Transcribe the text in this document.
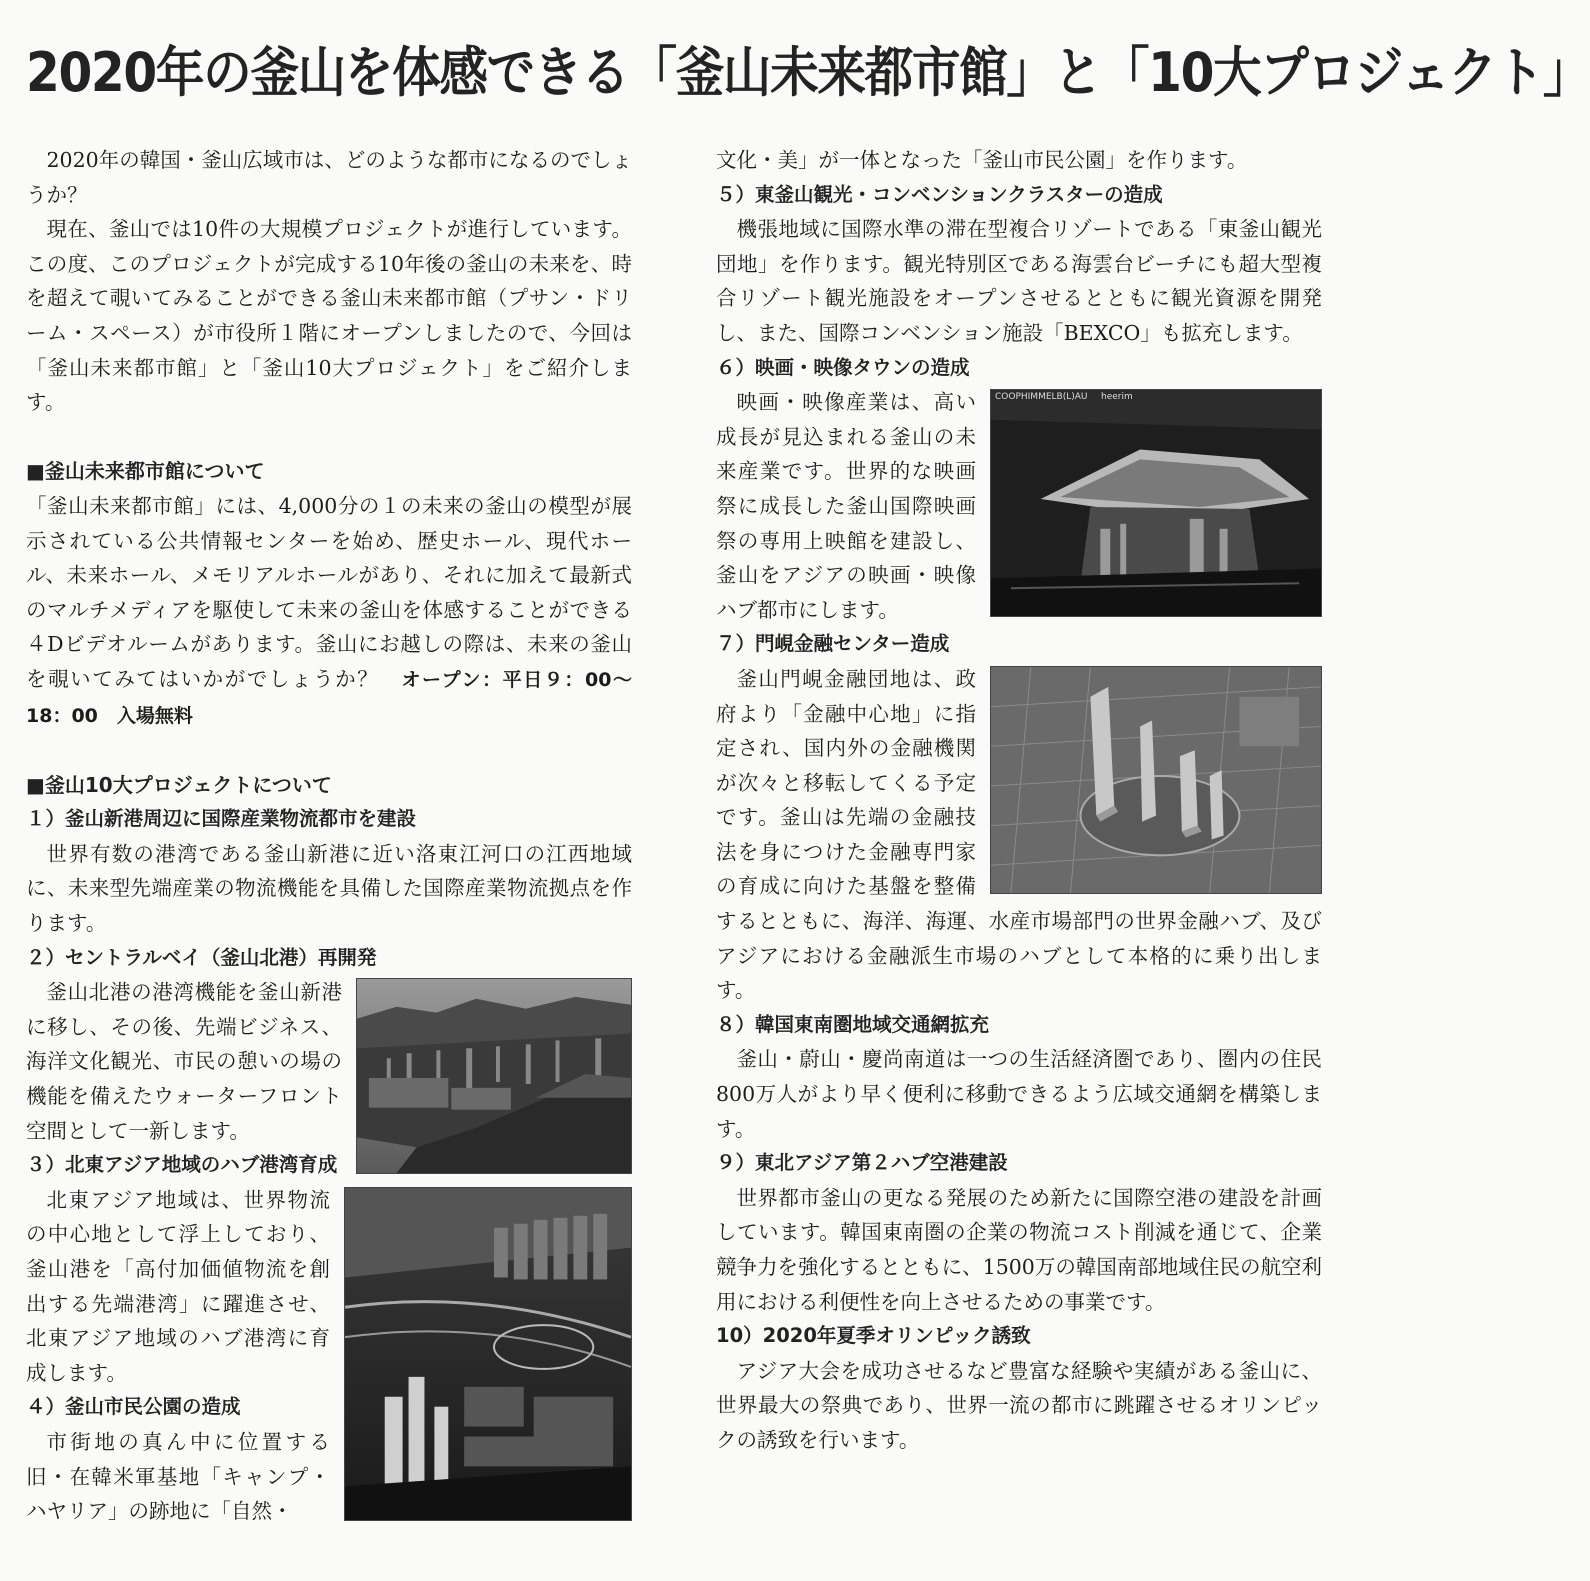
2020年の釜山を体感できる「釜山未来都市館」と「10大プロジェクト」

2020年の韓国・釜山広域市は、どのような都市になるのでしょうか？

現在、釜山では10件の大規模プロジェクトが進行しています。この度、このプロジェクトが完成する10年後の釜山の未来を、時を超えて覗いてみることができる釜山未来都市館（プサン・ドリーム・スペース）が市役所１階にオープンしましたので、今回は「釜山未来都市館」と「釜山10大プロジェクト」をご紹介します。

■釜山未来都市館について

「釜山未来都市館」には、4,000分の１の未来の釜山の模型が展示されている公共情報センターを始め、歴史ホール、現代ホール、未来ホール、メモリアルホールがあり、それに加えて最新式のマルチメディアを駆使して未来の釜山を体感することができる４Dビデオルームがあります。釜山にお越しの際は、未来の釜山を覗いてみてはいかがでしょうか？　 オープン：平日９：00～18：00　入場無料

■釜山10大プロジェクトについて

１）釜山新港周辺に国際産業物流都市を建設

世界有数の港湾である釜山新港に近い洛東江河口の江西地域に、未来型先端産業の物流機能を具備した国際産業物流拠点を作ります。

２）セントラルベイ（釜山北港）再開発

釜山北港の港湾機能を釜山新港に移し、その後、先端ビジネス、海洋文化観光、市民の憩いの場の機能を備えたウォーターフロント空間として一新します。

３）北東アジア地域のハブ港湾育成

北東アジア地域は、世界物流の中心地として浮上しており、釜山港を「高付加価値物流を創出する先端港湾」に躍進させ、北東アジア地域のハブ港湾に育成します。

４）釜山市民公園の造成

市街地の真ん中に位置する旧・在韓米軍基地「キャンプ・ハヤリア」の跡地に「自然・

文化・美」が一体となった「釜山市民公園」を作ります。

５）東釜山観光・コンベンションクラスターの造成

機張地域に国際水準の滞在型複合リゾートである「東釜山観光団地」を作ります。観光特別区である海雲台ビーチにも超大型複合リゾート観光施設をオープンさせるとともに観光資源を開発し、また、国際コンベンション施設「BEXCO」も拡充します。

６）映画・映像タウンの造成

COOPHIMMELB(L)AU heerim

映画・映像産業は、高い成長が見込まれる釜山の未来産業です。世界的な映画祭に成長した釜山国際映画祭の専用上映館を建設し、釜山をアジアの映画・映像ハブ都市にします。

７）門峴金融センター造成

釜山門峴金融団地は、政府より「金融中心地」に指定され、国内外の金融機関が次々と移転してくる予定です。釜山は先端の金融技法を身につけた金融専門家の育成に向けた基盤を整備するとともに、海洋、海運、水産市場部門の世界金融ハブ、及びアジアにおける金融派生市場のハブとして本格的に乗り出します。

８）韓国東南圏地域交通網拡充

釜山・蔚山・慶尚南道は一つの生活経済圏であり、圏内の住民800万人がより早く便利に移動できるよう広域交通網を構築します。

９）東北アジア第２ハブ空港建設

世界都市釜山の更なる発展のため新たに国際空港の建設を計画しています。韓国東南圏の企業の物流コスト削減を通じて、企業競争力を強化するとともに、1500万の韓国南部地域住民の航空利用における利便性を向上させるための事業です。

10）2020年夏季オリンピック誘致

アジア大会を成功させるなど豊富な経験や実績がある釜山に、世界最大の祭典であり、世界一流の都市に跳躍させるオリンピックの誘致を行います。
